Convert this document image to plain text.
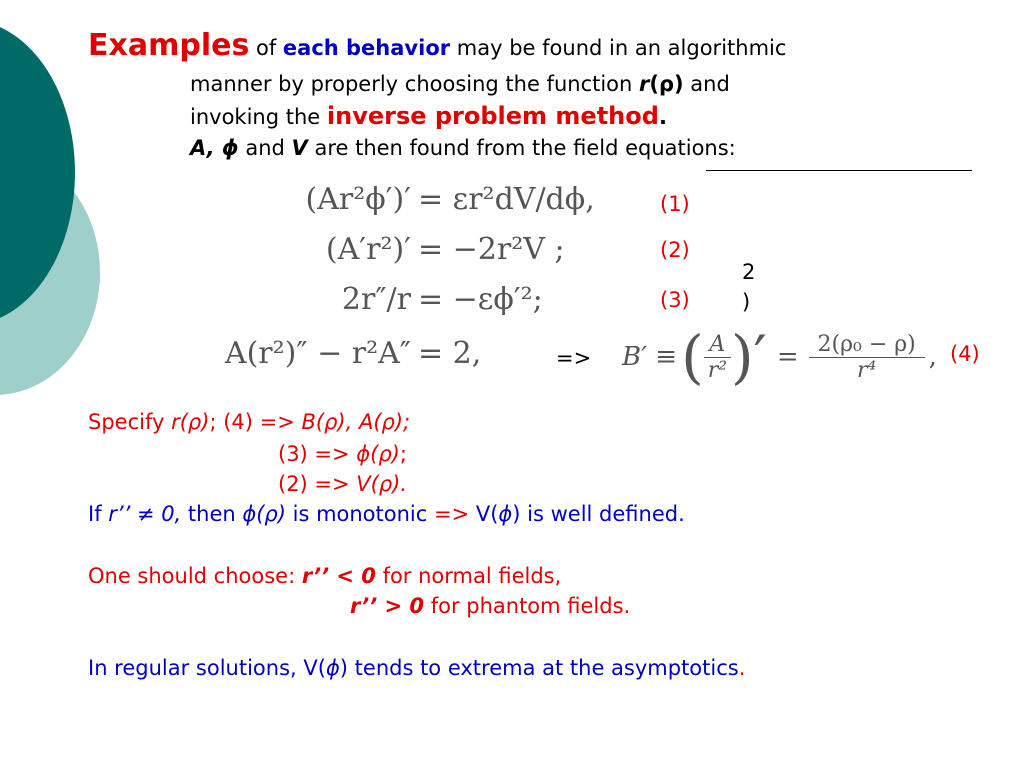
Examples of each behavior may be found in an algorithmic
manner by properly choosing the function r(ρ) and
invoking the inverse problem method.
A, ϕ and V are then found from the field equations:
(Ar²ϕ′)′ = εr²dV/dϕ,	(1)
(A′r²)′ = −2r²V ;	(2)
2r″/r = −εϕ′²;	(3)
2
)
A(r²)″ − r²A″ = 2,	=> B′ ≡ ( $\frac{A}{\text{r²}}$ )′ = $\frac{\text{2(ρ₀ − ρ)}}{\text{r⁴}}$ , (4)
Specify r(ρ); (4) => B(ρ), A(ρ);
(3) => ϕ(ρ);
(2) => V(ρ).
If r’’ ≠ 0, then ϕ(ρ) is monotonic => V(ϕ) is well defined.
One should choose: r’’ < 0 for normal fields,
r’’ > 0 for phantom fields.
In regular solutions, V(ϕ) tends to extrema at the asymptotics.
